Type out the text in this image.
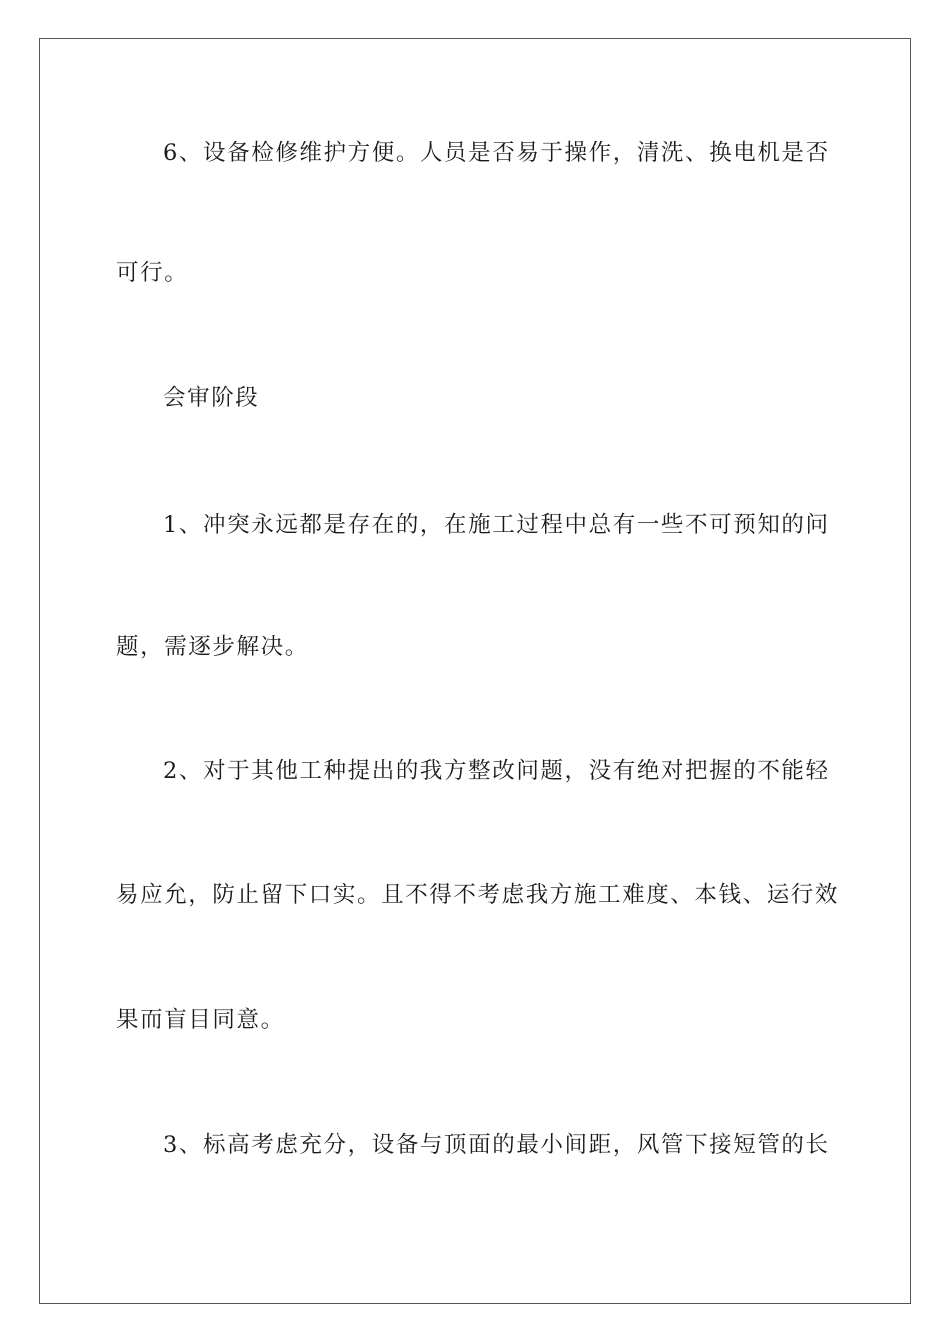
6、设备检修维护方便。人员是否易于操作，清洗、换电机是否
可行。
会审阶段
1、冲突永远都是存在的，在施工过程中总有一些不可预知的问
题，需逐步解决。
2、对于其他工种提出的我方整改问题，没有绝对把握的不能轻
易应允，防止留下口实。且不得不考虑我方施工难度、本钱、运行效
果而盲目同意。
3、标高考虑充分，设备与顶面的最小间距，风管下接短管的长
